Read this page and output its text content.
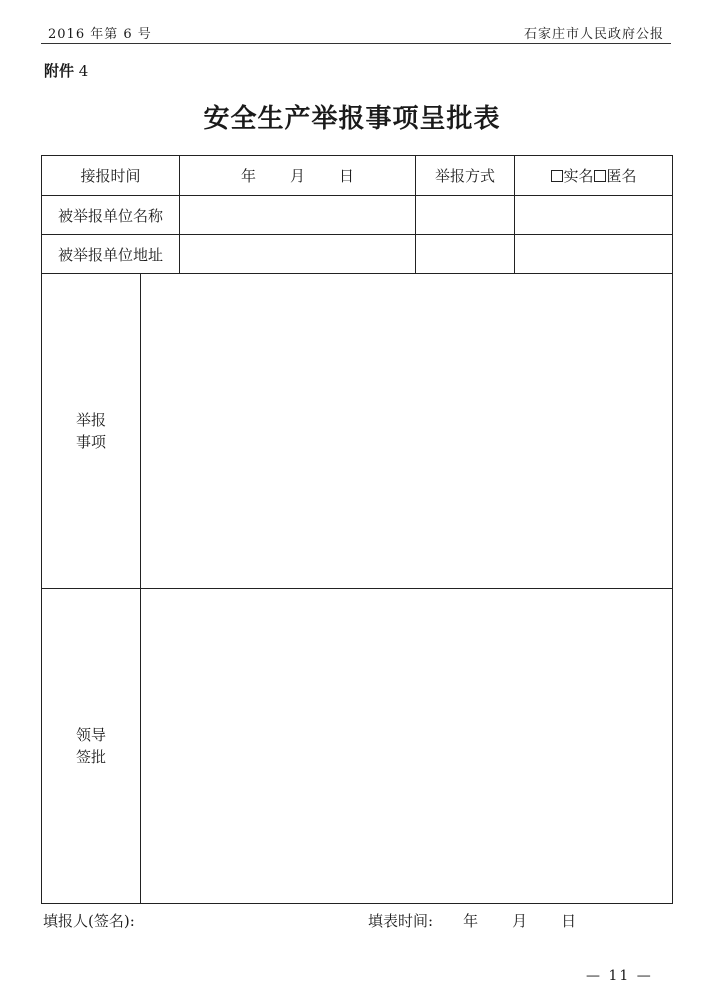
2016 年第 6 号	石家庄市人民政府公报
附件 4
安全生产举报事项呈批表
接报时间		年 月 日	举报方式	实名 匿名
被举报单位名称				
被举报单位地址				

举报
事项				

领导
签批				

填报人(签名):	填表时间: 年 月 日
— 11 —
